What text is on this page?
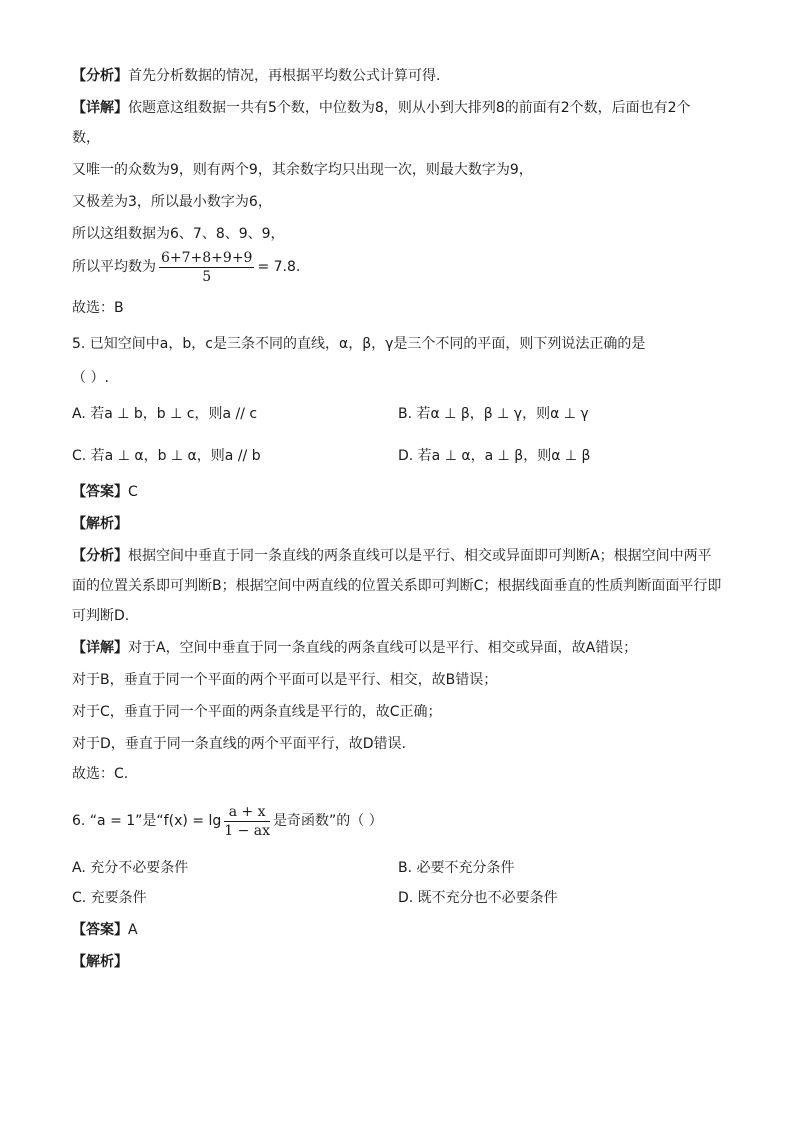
【分析】首先分析数据的情况，再根据平均数公式计算可得.
【详解】依题意这组数据一共有5个数，中位数为8，则从小到大排列8的前面有2个数，后面也有2个
数，
又唯一的众数为9，则有两个9，其余数字均只出现一次，则最大数字为9，
又极差为3，所以最小数字为6，
所以这组数据为6、7、8、9、9，
所以平均数为 $\frac{6+7+8+9+9}{5} = 7.8$.
故选：B
5. 已知空间中a，b，c是三条不同的直线，α，β，γ是三个不同的平面，则下列说法正确的是
（ ）.
A. 若a ⊥ b，b ⊥ c，则a // c	B. 若α ⊥ β，β ⊥ γ，则α ⊥ γ
C. 若a ⊥ α，b ⊥ α，则a // b	D. 若a ⊥ α，a ⊥ β，则α ⊥ β
【答案】C
【解析】
【分析】根据空间中垂直于同一条直线的两条直线可以是平行、相交或异面即可判断A；根据空间中两平
面的位置关系即可判断B；根据空间中两直线的位置关系即可判断C；根据线面垂直的性质判断面面平行即
可判断D.
【详解】对于A，空间中垂直于同一条直线的两条直线可以是平行、相交或异面，故A错误；
对于B，垂直于同一个平面的两个平面可以是平行、相交，故B错误；
对于C，垂直于同一个平面的两条直线是平行的，故C正确；
对于D，垂直于同一条直线的两个平面平行，故D错误.
故选：C.
6. “a = 1”是“$f(x) = \lg \frac{a + x}{1 - ax}$ 是奇函数”的（ ）
A. 充分不必要条件	B. 必要不充分条件
C. 充要条件	D. 既不充分也不必要条件
【答案】A
【解析】
